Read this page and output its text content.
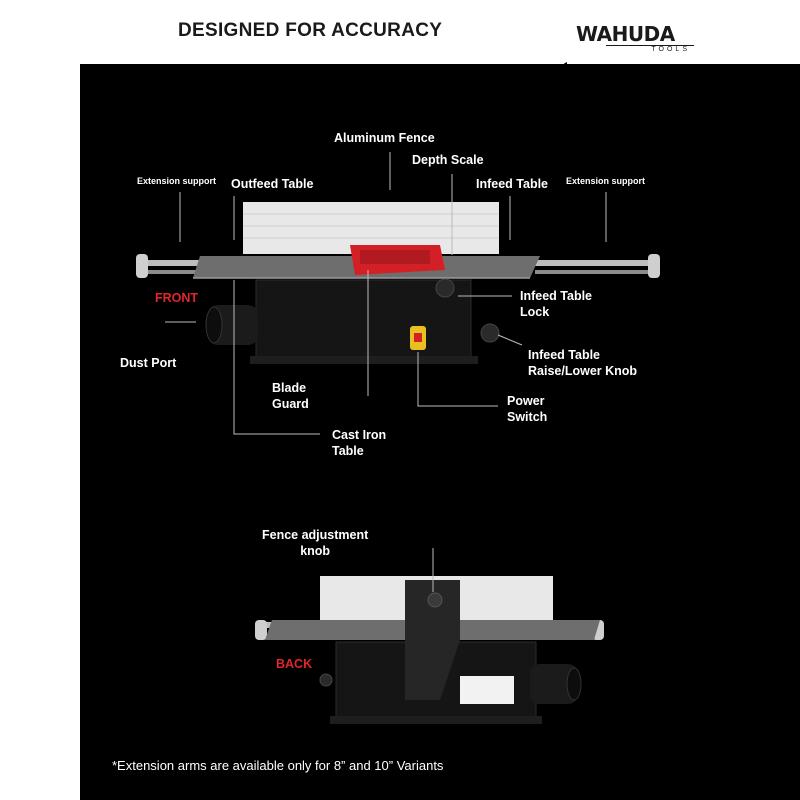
DESIGNED FOR ACCURACY	WAHUDA
TOOLS
Aluminum Fence
Depth Scale
Extension support	Extension support
Outfeed Table	Infeed Table
FRONT	Infeed Table
Lock
Infeed Table
Raise/Lower Knob
Dust Port
Blade
Guard	Power
Switch
Cast Iron
Table
Fence adjustment
knob
BACK
*Extension arms are available only for 8” and 10” Variants
